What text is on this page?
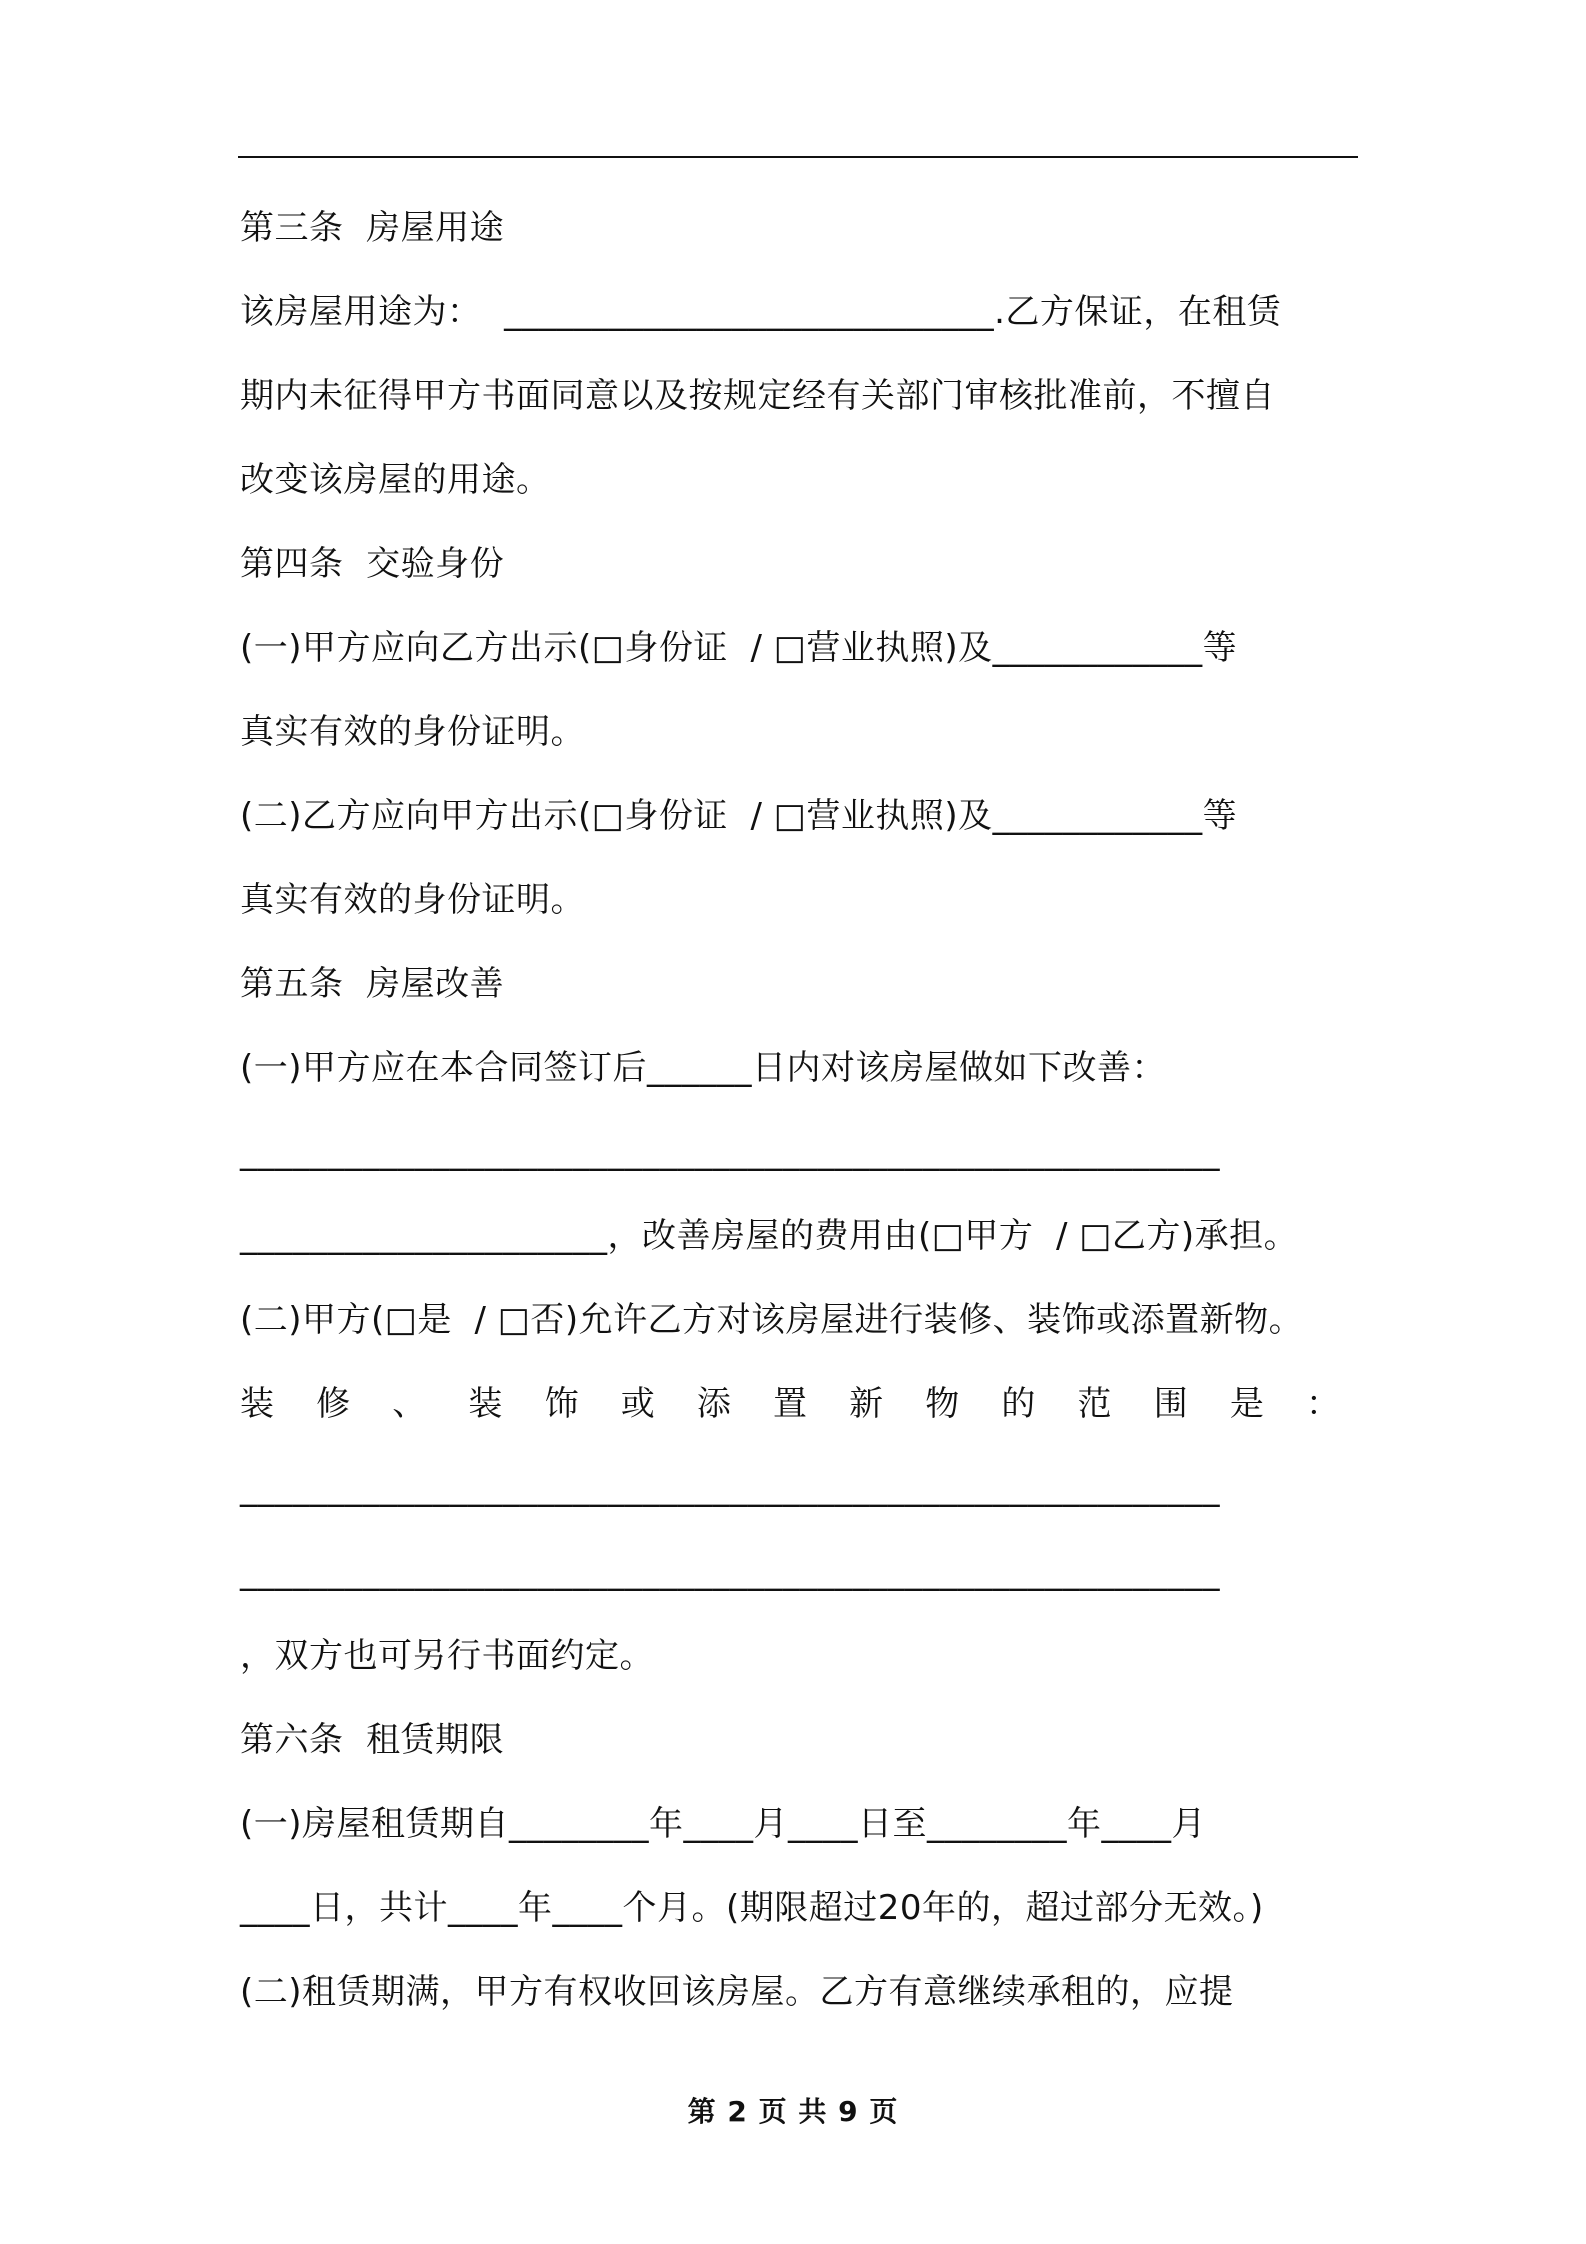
第三条  房屋用途
该房屋用途为：  ____________________________.乙方保证，在租赁
期内未征得甲方书面同意以及按规定经有关部门审核批准前，不擅自
改变该房屋的用途。
第四条  交验身份
(一)甲方应向乙方出示(□身份证  / □营业执照)及____________等
真实有效的身份证明。
(二)乙方应向甲方出示(□身份证  / □营业执照)及____________等
真实有效的身份证明。
第五条  房屋改善
(一)甲方应在本合同签订后______日内对该房屋做如下改善：
________________________________________________________
_____________________，改善房屋的费用由(□甲方  / □乙方)承担。
(二)甲方(□是  / □否)允许乙方对该房屋进行装修、装饰或添置新物。
装 修 、 装 饰 或 添 置 新 物 的 范 围 是 ：
________________________________________________________
________________________________________________________
，双方也可另行书面约定。
第六条  租赁期限
(一)房屋租赁期自________年____月____日至________年____月
____日，共计____年____个月。(期限超过20年的，超过部分无效。)
(二)租赁期满，甲方有权收回该房屋。乙方有意继续承租的，应提
第 2 页 共 9 页
